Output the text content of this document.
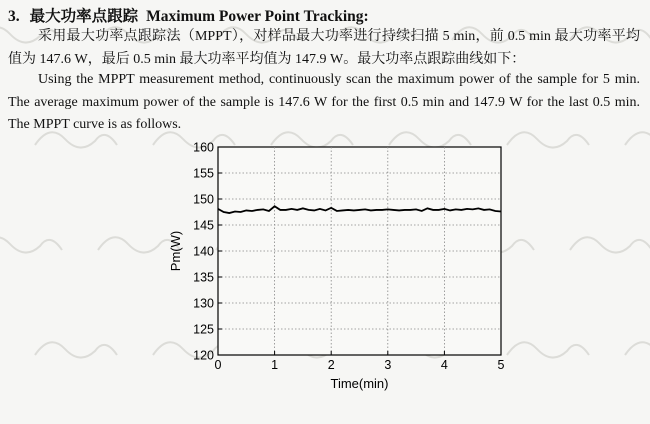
3. 最大功率点跟踪 Maximum Power Point Tracking:
采用最大功率点跟踪法（MPPT），对样品最大功率进行持续扫描 5 min，前 0.5 min 最大功率平均值为 147.6 W，最后 0.5 min 最大功率平均值为 147.9 W。最大功率点跟踪曲线如下：
Using the MPPT measurement method, continuously scan the maximum power of the sample for 5 min. The average maximum power of the sample is 147.6 W for the first 0.5 min and 147.9 W for the last 0.5 min. The MPPT curve is as follows.
120
125
130
135
140
145
150
155
160
0	1	2	3	4	5
Time(min)
Pm(W)
